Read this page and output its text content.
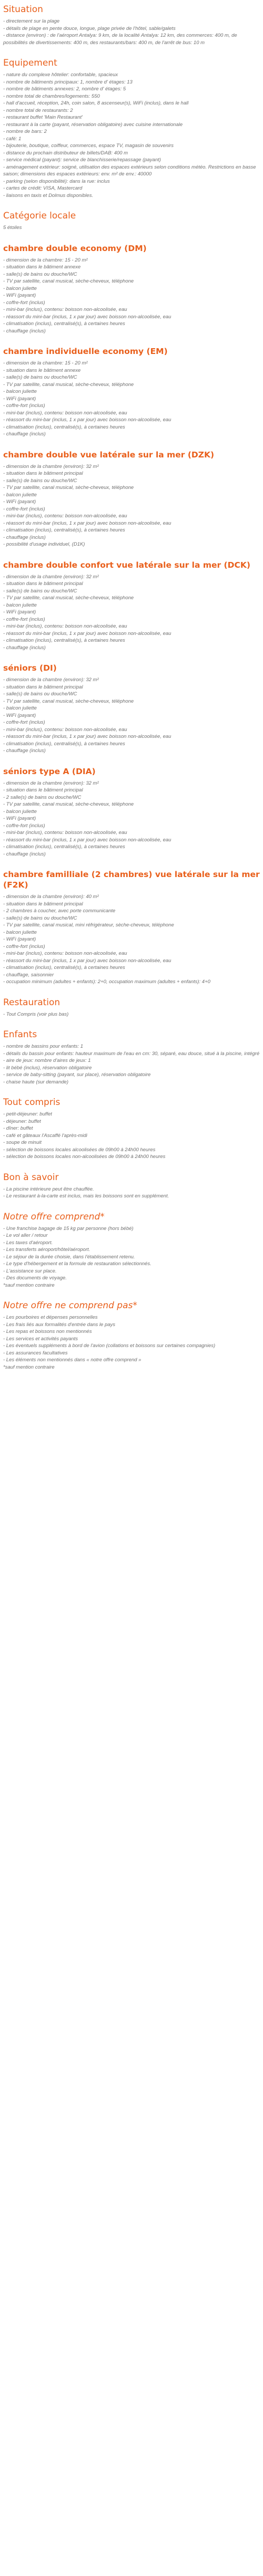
Situation
- directement sur la plage
- détails de plage en pente douce, longue, plage privée de l'hôtel, sable/galets
- distance (environ) : de l'aéroport Antalya: 9 km, de la localité Antalya: 12 km, des commerces: 400 m, de possibilités de divertissements: 400 m, des restaurants/bars: 400 m, de l'arrêt de bus: 10 m
Equipement
- nature du complexe hôtelier: confortable, spacieux
- nombre de bâtiments principaux: 1, nombre d' étages: 13
- nombre de bâtiments annexes: 2, nombre d' étages: 5
- nombre total de chambres/logements: 550
- hall d'accueil, réception, 24h, coin salon, 8 ascenseur(s), WiFi (inclus), dans le hall
- nombre total de restaurants: 2
- restaurant buffet 'Main Restaurant'
- restaurant à la carte (payant, réservation obligatoire) avec cuisine internationale
- nombre de bars: 2
- café: 1
- bijouterie, boutique, coiffeur, commerces, espace TV, magasin de souvenirs
- distance du prochain distributeur de billets/DAB: 400 m
- service médical (payant): service de blanchisserie/repassage (payant)
- aménagement extérieur: soigné, utilisation des espaces extérieurs selon conditions météo. Restrictions en basse saison; dimensions des espaces extérieurs: env. m² de env.: 40000
- parking (selon disponibilité): dans la rue: inclus
- cartes de crédit: VISA, Mastercard
- liaisons en taxis et Dolmus disponibles.
Catégorie locale
5 étoiles
chambre double economy (DM)
- dimension de la chambre: 15 - 20 m²
- situation dans le bâtiment annexe
- salle(s) de bains ou douche/WC
- TV par satellite, canal musical, sèche-cheveux, téléphone
- balcon juliette
- WiFi (payant)
- coffre-fort (inclus)
- mini-bar (inclus), contenu: boisson non-alcoolisée, eau
- réassort du mini-bar (inclus, 1 x par jour) avec boisson non-alcoolisée, eau
- climatisation (inclus), centralisé(s), à certaines heures
- chauffage (inclus)
chambre individuelle economy (EM)
- dimension de la chambre: 15 - 20 m²
- situation dans le bâtiment annexe
- salle(s) de bains ou douche/WC
- TV par satellite, canal musical, sèche-cheveux, téléphone
- balcon juliette
- WiFi (payant)
- coffre-fort (inclus)
- mini-bar (inclus), contenu: boisson non-alcoolisée, eau
- réassort du mini-bar (inclus, 1 x par jour) avec boisson non-alcoolisée, eau
- climatisation (inclus), centralisé(s), à certaines heures
- chauffage (inclus)
chambre double vue latérale sur la mer (DZK)
- dimension de la chambre (environ): 32 m²
- situation dans le bâtiment principal
- salle(s) de bains ou douche/WC
- TV par satellite, canal musical, sèche-cheveux, téléphone
- balcon juliette
- WiFi (payant)
- coffre-fort (inclus)
- mini-bar (inclus), contenu: boisson non-alcoolisée, eau
- réassort du mini-bar (inclus, 1 x par jour) avec boisson non-alcoolisée, eau
- climatisation (inclus), centralisé(s), à certaines heures
- chauffage (inclus)
- possibilité d'usage individuel, (D1K)
chambre double confort vue latérale sur la mer (DCK)
- dimension de la chambre (environ): 32 m²
- situation dans le bâtiment principal
- salle(s) de bains ou douche/WC
- TV par satellite, canal musical, sèche-cheveux, téléphone
- balcon juliette
- WiFi (payant)
- coffre-fort (inclus)
- mini-bar (inclus), contenu: boisson non-alcoolisée, eau
- réassort du mini-bar (inclus, 1 x par jour) avec boisson non-alcoolisée, eau
- climatisation (inclus), centralisé(s), à certaines heures
- chauffage (inclus)
séniors (DI)
- dimension de la chambre (environ): 32 m²
- situation dans le bâtiment principal
- salle(s) de bains ou douche/WC
- TV par satellite, canal musical, sèche-cheveux, téléphone
- balcon juliette
- WiFi (payant)
- coffre-fort (inclus)
- mini-bar (inclus), contenu: boisson non-alcoolisée, eau
- réassort du mini-bar (inclus, 1 x par jour) avec boisson non-alcoolisée, eau
- climatisation (inclus), centralisé(s), à certaines heures
- chauffage (inclus)
séniors type A (DIA)
- dimension de la chambre (environ): 32 m²
- situation dans le bâtiment principal
- 2 salle(s) de bains ou douche/WC
- TV par satellite, canal musical, sèche-cheveux, téléphone
- balcon juliette
- WiFi (payant)
- coffre-fort (inclus)
- mini-bar (inclus), contenu: boisson non-alcoolisée, eau
- réassort du mini-bar (inclus, 1 x par jour) avec boisson non-alcoolisée, eau
- climatisation (inclus), centralisé(s), à certaines heures
- chauffage (inclus)
chambre familliale (2 chambres) vue latérale sur la mer (F2K)
- dimension de la chambre (environ): 40 m²
- situation dans le bâtiment principal
- 2 chambres à coucher, avec porte communicante
- salle(s) de bains ou douche/WC
- TV par satellite, canal musical, mini réfrigérateur, sèche-cheveux, téléphone
- balcon juliette
- WiFi (payant)
- coffre-fort (inclus)
- mini-bar (inclus), contenu: boisson non-alcoolisée, eau
- réassort du mini-bar (inclus, 1 x par jour) avec boisson non-alcoolisée, eau
- climatisation (inclus), centralisé(s), à certaines heures
- chauffage, saisonnier
- occupation minimum (adultes + enfants): 2+0, occupation maximum (adultes + enfants): 4+0
Restauration
- Tout Compris (voir plus bas)
Enfants
- nombre de bassins pour enfants: 1
- détails du bassin pour enfants: hauteur maximum de l'eau en cm: 30, séparé, eau douce, situé à la piscine, intégré
- aire de jeux: nombre d'aires de jeux: 1
- lit bébé (inclus), réservation obligatoire
- service de baby-sitting (payant, sur place), réservation obligatoire
- chaise haute (sur demande)
Tout compris
- petit-déjeuner: buffet
- déjeuner: buffet
- dîner: buffet
- café et gâteaux l'Ascaffé l'après-midi
- soupe de minuit
- sélection de boissons locales alcoolisées de 09h00 à 24h00 heures
- sélection de boissons locales non-alcoolisées de 09h00 à 24h00 heures
Bon à savoir
- La piscine intérieure peut être chauffée.
- Le restaurant à-la-carte est inclus, mais les boissons sont en supplément.
Notre offre comprend*
- Une franchise bagage de 15 kg par personne (hors bébé)
- Le vol aller / retour
- Les taxes d'aéroport.
- Les transferts aéroport/hôtel/aéroport.
- Le séjour de la durée choisie, dans l'établissement retenu.
- Le type d'hébergement et la formule de restauration sélectionnés.
- L'assistance sur place.
- Des documents de voyage.
*sauf mention contraire
Notre offre ne comprend pas*
- Les pourboires et dépenses personnelles
- Les frais liés aux formalités d'entrée dans le pays
- Les repas et boissons non mentionnés
- Les services et activités payants
- Les éventuels suppléments à bord de l'avion (collations et boissons sur certaines compagnies)
- Les assurances facultatives
- Les éléments non mentionnés dans « notre offre comprend »
*sauf mention contraire
